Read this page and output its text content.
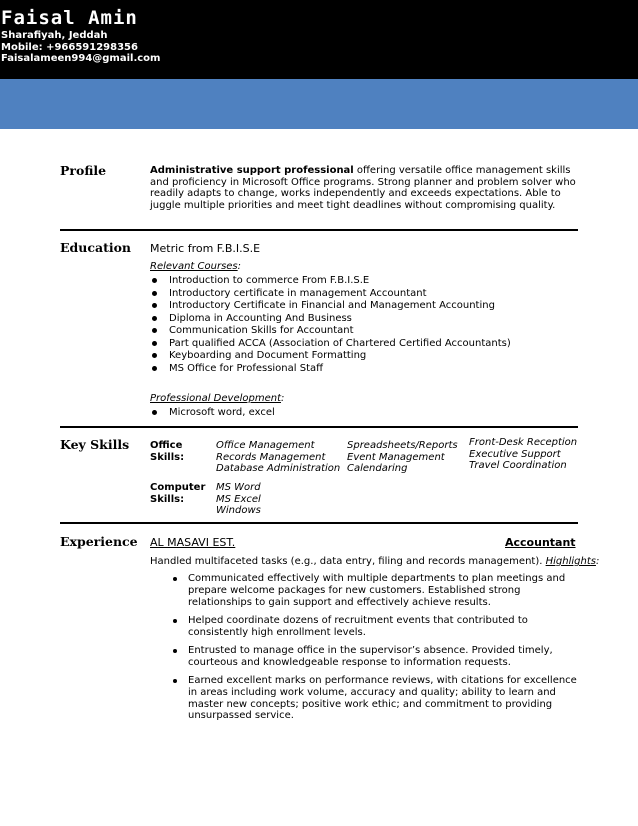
Faisal Amin
Sharafiyah, Jeddah
Mobile: +966591298356
Faisalameen994@gmail.com
Profile	Administrative support professional offering versatile office management skills and proficiency in Microsoft Office programs. Strong planner and problem solver who readily adapts to change, works independently and exceeds expectations. Able to juggle multiple priorities and meet tight deadlines without compromising quality.
Education Metric from F.B.I.S.E
Relevant Courses:
Introduction to commerce From F.B.I.S.E
Introductory certificate in management Accountant
Introductory Certificate in Financial and Management Accounting
Diploma in Accounting And Business
Communication Skills for Accountant
Part qualified ACCA (Association of Chartered Certified Accountants)
Keyboarding and Document Formatting
MS Office for Professional Staff
Professional Development:
Microsoft word, excel
Key Skills Office
Skills:
Office Management
Records Management
Database Administration
Spreadsheets/Reports
Event Management
Calendaring
Front-Desk Reception
Executive Support
Travel Coordination
Computer
Skills:
MS Word
MS Excel
Windows
Experience AL MASAVI EST.	Accountant
Handled multifaceted tasks (e.g., data entry, filing and records management). Highlights:
Communicated effectively with multiple departments to plan meetings and prepare welcome packages for new customers. Established strong relationships to gain support and effectively achieve results.
Helped coordinate dozens of recruitment events that contributed to consistently high enrollment levels.
Entrusted to manage office in the supervisor’s absence. Provided timely, courteous and knowledgeable response to information requests.
Earned excellent marks on performance reviews, with citations for excellence in areas including work volume, accuracy and quality; ability to learn and master new concepts; positive work ethic; and commitment to providing unsurpassed service.
